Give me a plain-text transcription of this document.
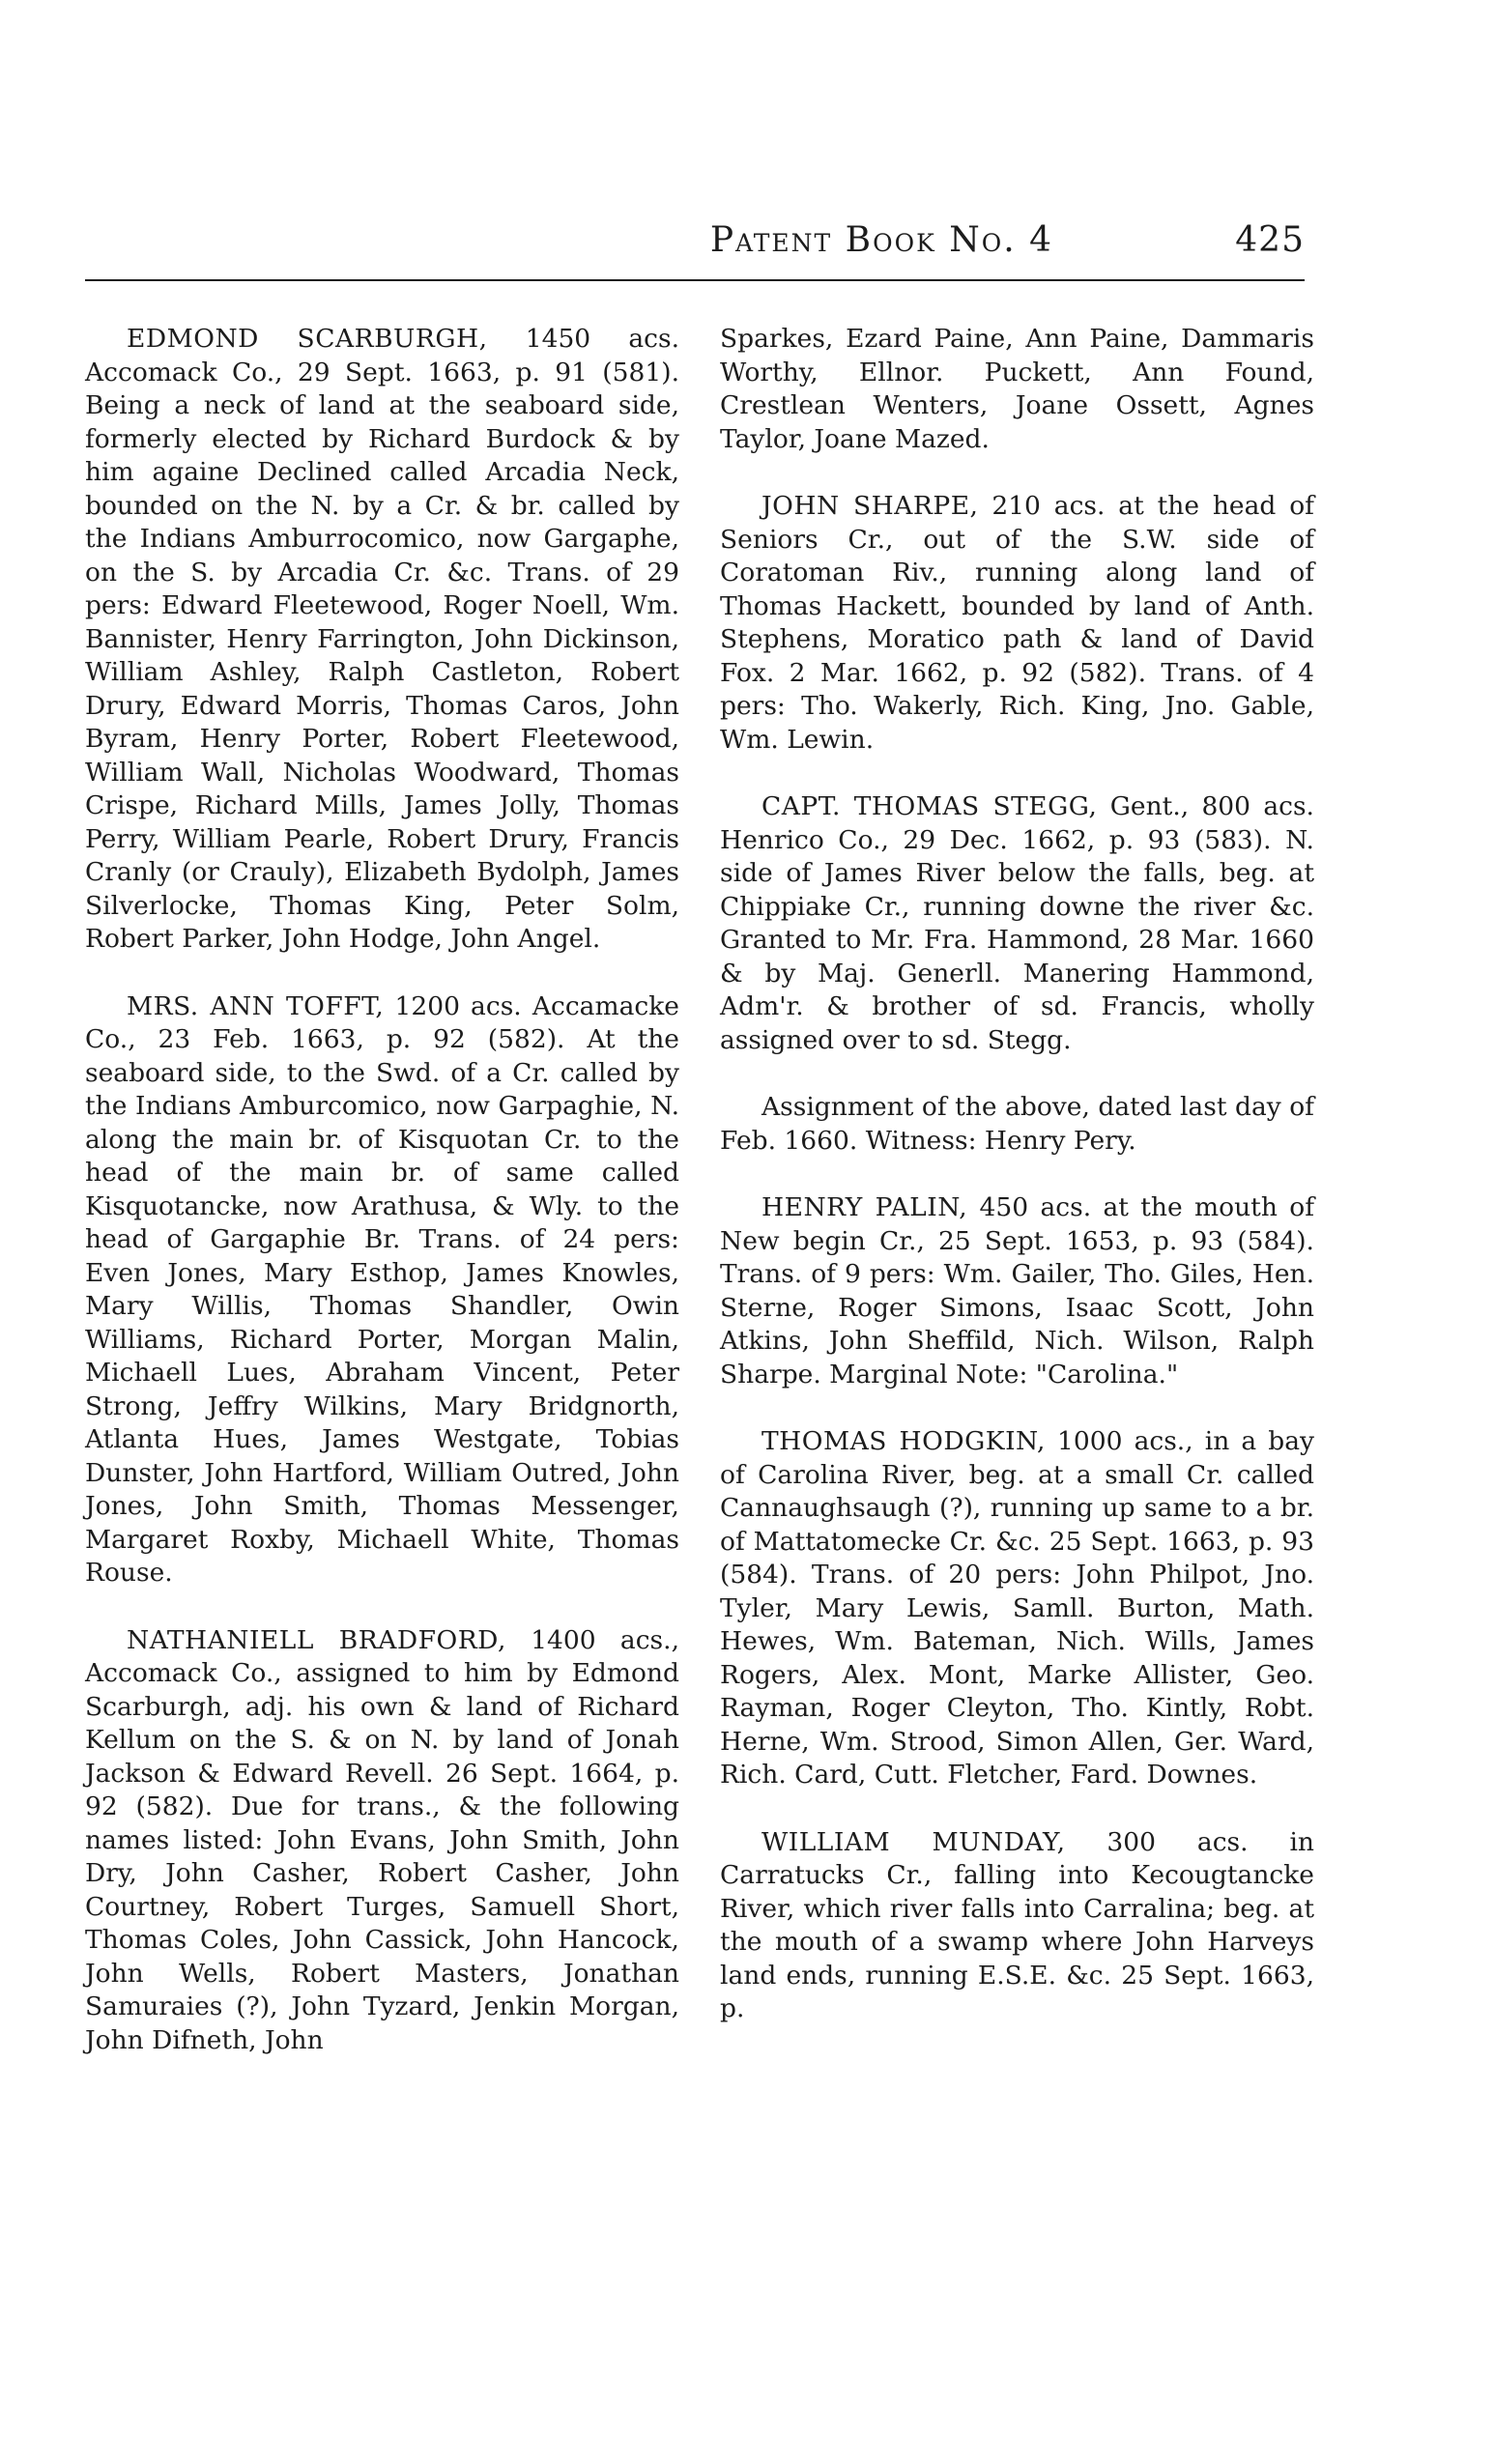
Patent Book No. 4	425

EDMOND SCARBURGH, 1450 acs. Accomack Co., 29 Sept. 1663, p. 91 (581). Being a neck of land at the seaboard side, formerly elected by Richard Burdock & by him againe Declined called Arcadia Neck, bounded on the N. by a Cr. & br. called by the Indians Amburrocomico, now Gargaphe, on the S. by Arcadia Cr. &c. Trans. of 29 pers: Edward Fleetewood, Roger Noell, Wm. Bannister, Henry Farrington, John Dickinson, William Ashley, Ralph Castleton, Robert Drury, Edward Morris, Thomas Caros, John Byram, Henry Porter, Robert Fleetewood, William Wall, Nicholas Woodward, Thomas Crispe, Richard Mills, James Jolly, Thomas Perry, William Pearle, Robert Drury, Francis Cranly (or Crauly), Elizabeth Bydolph, James Silverlocke, Thomas King, Peter Solm, Robert Parker, John Hodge, John Angel.

MRS. ANN TOFFT, 1200 acs. Accamacke Co., 23 Feb. 1663, p. 92 (582). At the seaboard side, to the Swd. of a Cr. called by the Indians Amburcomico, now Garpaghie, N. along the main br. of Kisquotan Cr. to the head of the main br. of same called Kisquotancke, now Arathusa, & Wly. to the head of Gargaphie Br. Trans. of 24 pers: Even Jones, Mary Esthop, James Knowles, Mary Willis, Thomas Shandler, Owin Williams, Richard Porter, Morgan Malin, Michaell Lues, Abraham Vincent, Peter Strong, Jeffry Wilkins, Mary Bridgnorth, Atlanta Hues, James Westgate, Tobias Dunster, John Hartford, William Outred, John Jones, John Smith, Thomas Messenger, Margaret Roxby, Michaell White, Thomas Rouse.

NATHANIELL BRADFORD, 1400 acs., Accomack Co., assigned to him by Edmond Scarburgh, adj. his own & land of Richard Kellum on the S. & on N. by land of Jonah Jackson & Edward Revell. 26 Sept. 1664, p. 92 (582). Due for trans., & the following names listed: John Evans, John Smith, John Dry, John Casher, Robert Casher, John Courtney, Robert Turges, Samuell Short, Thomas Coles, John Cassick, John Hancock, John Wells, Robert Masters, Jonathan Samuraies (?), John Tyzard, Jenkin Morgan, John Difneth, John

Sparkes, Ezard Paine, Ann Paine, Dammaris Worthy, Ellnor. Puckett, Ann Found, Crestlean Wenters, Joane Ossett, Agnes Taylor, Joane Mazed.

JOHN SHARPE, 210 acs. at the head of Seniors Cr., out of the S.W. side of Coratoman Riv., running along land of Thomas Hackett, bounded by land of Anth. Stephens, Moratico path & land of David Fox. 2 Mar. 1662, p. 92 (582). Trans. of 4 pers: Tho. Wakerly, Rich. King, Jno. Gable, Wm. Lewin.

CAPT. THOMAS STEGG, Gent., 800 acs. Henrico Co., 29 Dec. 1662, p. 93 (583). N. side of James River below the falls, beg. at Chippiake Cr., running downe the river &c. Granted to Mr. Fra. Hammond, 28 Mar. 1660 & by Maj. Generll. Manering Hammond, Adm'r. & brother of sd. Francis, wholly assigned over to sd. Stegg.

Assignment of the above, dated last day of Feb. 1660. Witness: Henry Pery.

HENRY PALIN, 450 acs. at the mouth of New begin Cr., 25 Sept. 1653, p. 93 (584). Trans. of 9 pers: Wm. Gailer, Tho. Giles, Hen. Sterne, Roger Simons, Isaac Scott, John Atkins, John Sheffild, Nich. Wilson, Ralph Sharpe. Marginal Note: "Carolina."

THOMAS HODGKIN, 1000 acs., in a bay of Carolina River, beg. at a small Cr. called Cannaughsaugh (?), running up same to a br. of Mattatomecke Cr. &c. 25 Sept. 1663, p. 93 (584). Trans. of 20 pers: John Philpot, Jno. Tyler, Mary Lewis, Samll. Burton, Math. Hewes, Wm. Bateman, Nich. Wills, James Rogers, Alex. Mont, Marke Allister, Geo. Rayman, Roger Cleyton, Tho. Kintly, Robt. Herne, Wm. Strood, Simon Allen, Ger. Ward, Rich. Card, Cutt. Fletcher, Fard. Downes.

WILLIAM MUNDAY, 300 acs. in Carratucks Cr., falling into Kecougtancke River, which river falls into Carralina; beg. at the mouth of a swamp where John Harveys land ends, running E.S.E. &c. 25 Sept. 1663, p.
